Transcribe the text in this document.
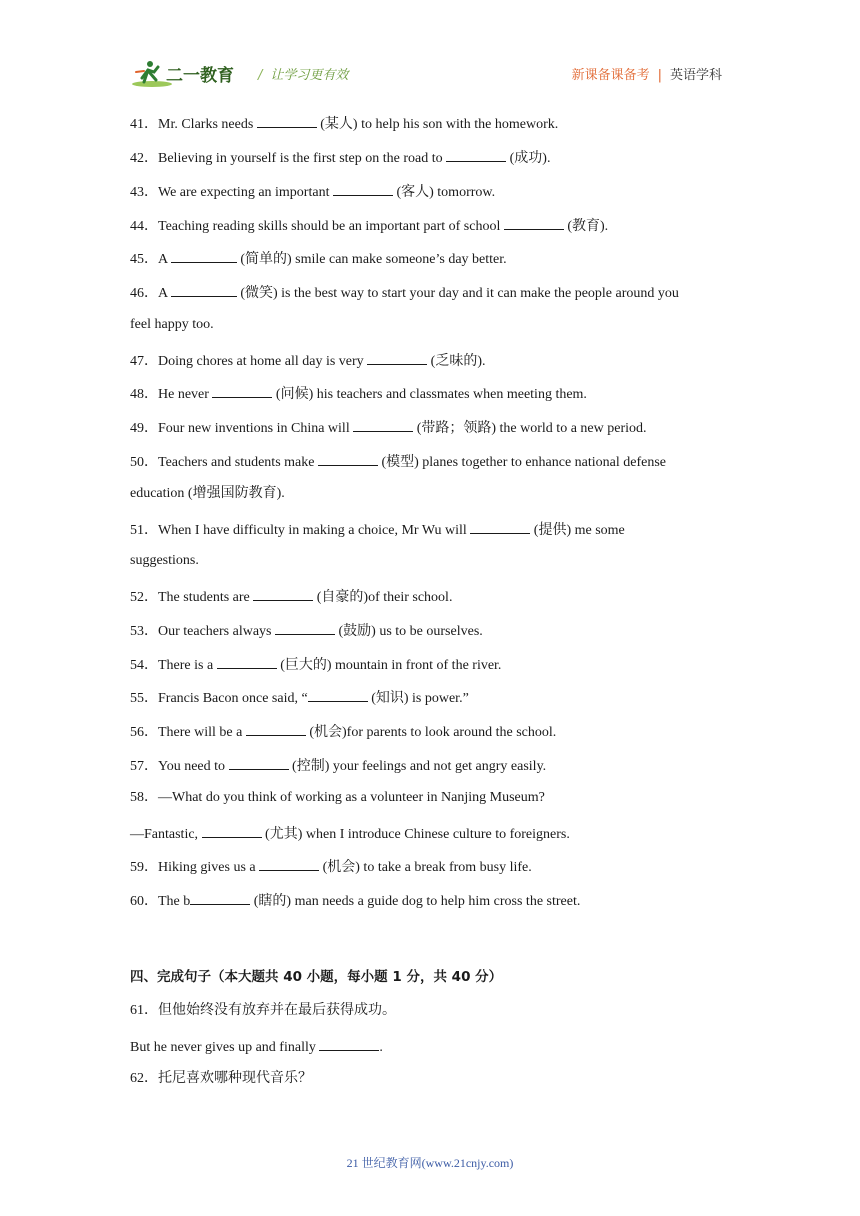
二一教育 / 让学习更有效	新课备课备考 | 英语学科
41．Mr. Clarks needs	(某人) to help his son with the homework.
42．Believing in yourself is the first step on the road to	(成功).
43．We are expecting an important	(客人) tomorrow.
44．Teaching reading skills should be an important part of school	(教育).
45．A	(简单的) smile can make someone’s day better.
46．A	(微笑) is the best way to start your day and it can make the people around you
feel happy too.
47．Doing chores at home all day is very	(乏味的).
48．He never	(问候) his teachers and classmates when meeting them.
49．Four new inventions in China will	(带路；领路) the world to a new period.
50．Teachers and students make	(模型) planes together to enhance national defense
education (增强国防教育).
51．When I have difficulty in making a choice, Mr Wu will	(提供) me some
suggestions.
52．The students are	(自豪的)of their school.
53．Our teachers always	(鼓励) us to be ourselves.
54．There is a	(巨大的) mountain in front of the river.
55．Francis Bacon once said, “	(知识) is power.”
56．There will be a	(机会)for parents to look around the school.
57．You need to	(控制) your feelings and not get angry easily.
58．—What do you think of working as a volunteer in Nanjing Museum?
—Fantastic,	(尤其) when I introduce Chinese culture to foreigners.
59．Hiking gives us a	(机会) to take a break from busy life.
60．The b	(瞎的) man needs a guide dog to help him cross the street.
四、完成句子（本大题共 40 小题，每小题 1 分，共 40 分）
61．但他始终没有放弃并在最后获得成功。
But he never gives up and finally	.
62．托尼喜欢哪种现代音乐？
21 世纪教育网(www.21cnjy.com)
